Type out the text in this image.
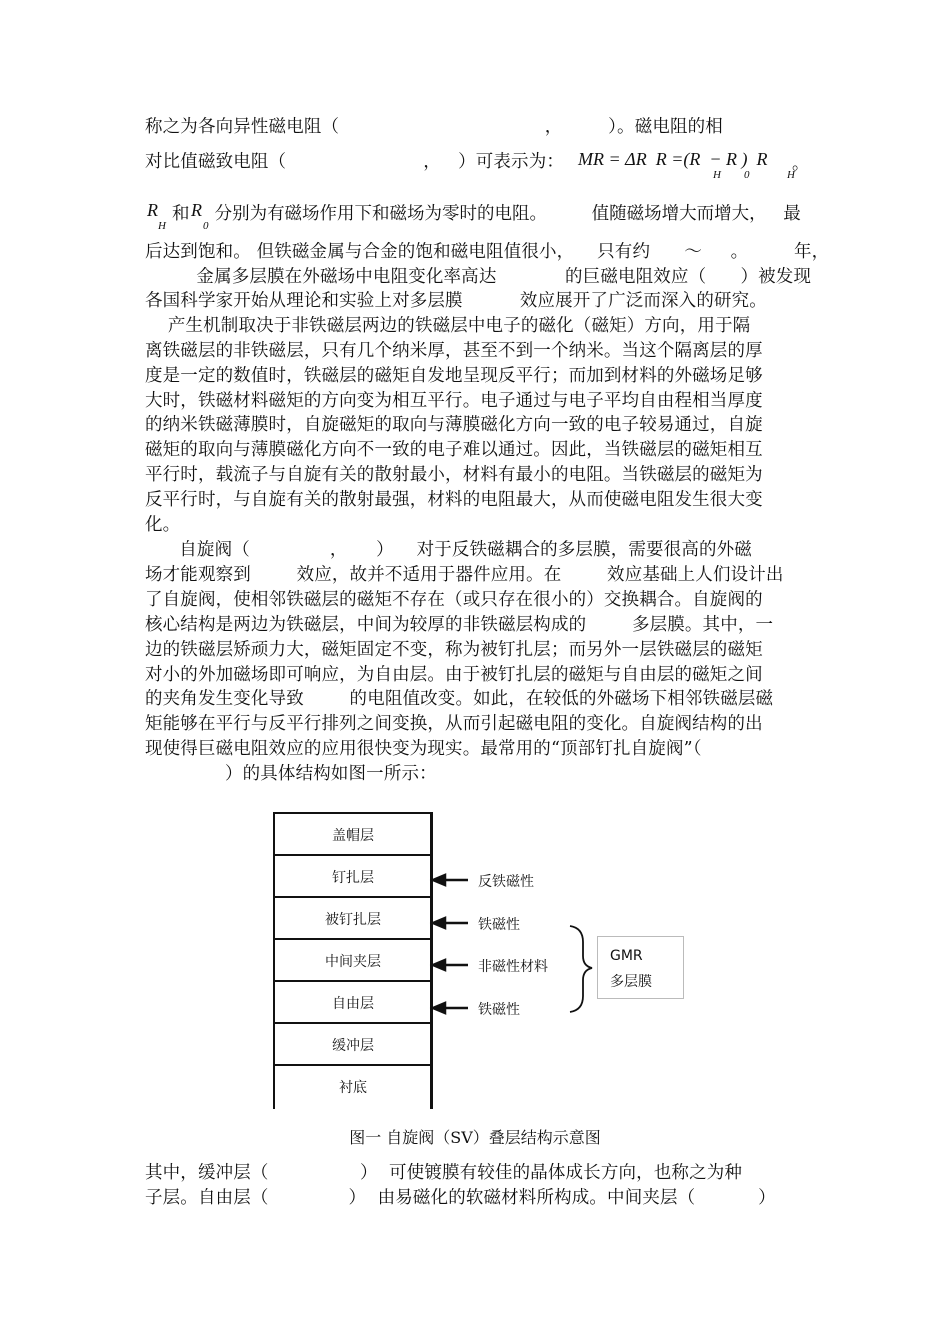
称之为各向异性磁电阻（                                    ，        ）。磁电阻的相
对比值磁致电阻（                        ，   ）可表示为： MR = ΔR  R =(R  − R )  R
H 0	H
。
R
H
和 R
0
分别为有磁场作用下和磁场为零时的电阻。        值随磁场增大而增大，   最
后达到饱和。 但铁磁金属与合金的饱和磁电阻值很小，    只有约      ～     。        年，
金属多层膜在外磁场中电阻变化率高达            的巨磁电阻效应（      ）被发现
各国科学家开始从理论和实验上对多层膜          效应展开了广泛而深入的研究。
产生机制取决于非铁磁层两边的铁磁层中电子的磁化（磁矩）方向，用于隔
离铁磁层的非铁磁层，只有几个纳米厚，甚至不到一个纳米。当这个隔离层的厚
度是一定的数值时，铁磁层的磁矩自发地呈现反平行；而加到材料的外磁场足够
大时，铁磁材料磁矩的方向变为相互平行。电子通过与电子平均自由程相当厚度
的纳米铁磁薄膜时，自旋磁矩的取向与薄膜磁化方向一致的电子较易通过，自旋
磁矩的取向与薄膜磁化方向不一致的电子难以通过。因此，当铁磁层的磁矩相互
平行时，载流子与自旋有关的散射最小，材料有最小的电阻。当铁磁层的磁矩为
反平行时，与自旋有关的散射最强，材料的电阻最大，从而使磁电阻发生很大变
化。
自旋阀（              ，     ）    对于反铁磁耦合的多层膜，需要很高的外磁
场才能观察到        效应，故并不适用于器件应用。在        效应基础上人们设计出
了自旋阀，使相邻铁磁层的磁矩不存在（或只存在很小的）交换耦合。自旋阀的
核心结构是两边为铁磁层，中间为较厚的非铁磁层构成的        多层膜。其中，一
边的铁磁层矫顽力大，磁矩固定不变，称为被钉扎层；而另外一层铁磁层的磁矩
对小的外加磁场即可响应，为自由层。由于被钉扎层的磁矩与自由层的磁矩之间
的夹角发生变化导致        的电阻值改变。如此，在较低的外磁场下相邻铁磁层磁
矩能够在平行与反平行排列之间变换，从而引起磁电阻的变化。自旋阀结构的出
现使得巨磁电阻效应的应用很快变为现实。最常用的“顶部钉扎自旋阀”（
）的具体结构如图一所示：
盖帽层
钉扎层
被钉扎层
中间夹层
自由层
缓冲层
衬底
反铁磁性
铁磁性
非磁性材料
铁磁性
GMR
多层膜
图一 自旋阀（SV）叠层结构示意图
其中，缓冲层（                ）  可使镀膜有较佳的晶体成长方向，也称之为种
子层。自由层（              ）  由易磁化的软磁材料所构成。中间夹层（           ）
